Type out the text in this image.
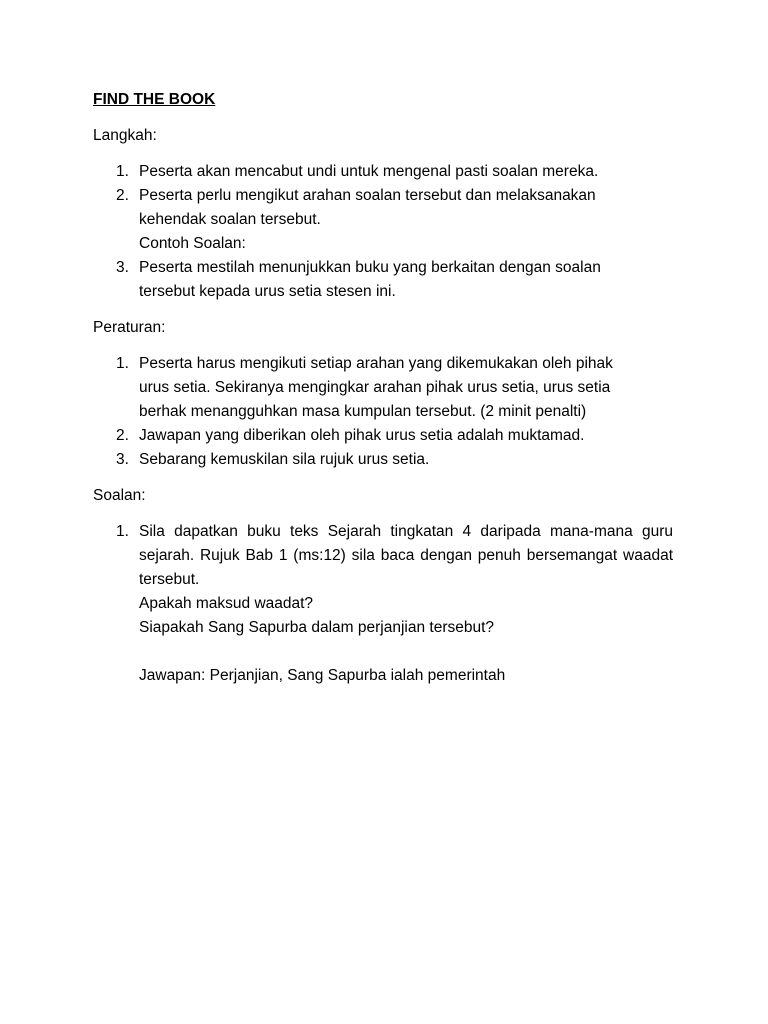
FIND THE BOOK

Langkah:

1. Peserta akan mencabut undi untuk mengenal pasti soalan mereka.
2. Peserta perlu mengikut arahan soalan tersebut dan melaksanakan
kehendak soalan tersebut.
Contoh Soalan:
3. Peserta mestilah menunjukkan buku yang berkaitan dengan soalan
tersebut kepada urus setia stesen ini.

Peraturan:

1. Peserta harus mengikuti setiap arahan yang dikemukakan oleh pihak
urus setia. Sekiranya mengingkar arahan pihak urus setia, urus setia
berhak menangguhkan masa kumpulan tersebut. (2 minit penalti)
2. Jawapan yang diberikan oleh pihak urus setia adalah muktamad.
3. Sebarang kemuskilan sila rujuk urus setia.

Soalan:

1. Sila dapatkan buku teks Sejarah tingkatan 4 daripada mana-mana guru sejarah. Rujuk Bab 1 (ms:12) sila baca dengan penuh bersemangat waadat tersebut.
Apakah maksud waadat?
Siapakah Sang Sapurba dalam perjanjian tersebut?
Jawapan: Perjanjian, Sang Sapurba ialah pemerintah
